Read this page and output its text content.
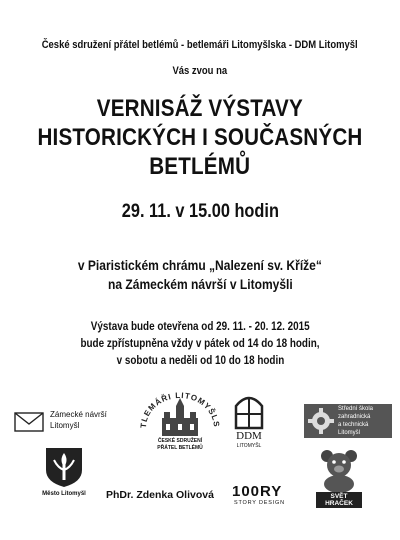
České sdružení přátel betlémů - betlemáři Litomyšlska - DDM Litomyšl
Vás zvou na
VERNISÁŽ VÝSTAVY
HISTORICKÝCH I SOUČASNÝCH
BETLÉMŮ
29. 11. v 15.00 hodin
v Piaristickém chrámu „Nalezení sv. Kříže“
na Zámeckém návrší v Litomyšli
Výstava bude otevřena od 29. 11. - 20. 12. 2015
bude zpřístupněna vždy v pátek od 14 do 18 hodin,
v sobotu a neděli od 10 do 18 hodin
Zámecké návrší
Litomyšl
LEMÁŘI LITOMYŠL
ČESKÉ SDRUŽENÍ
PŘÁTEL BETLÉMŮ
DDM
LITOMYŠL
Střední škola
zahradnická
a technická
Litomyšl
Město Litomyšl	PhDr. Zdenka Olivová 100RY
STORY DESIGN
SVĚT HRAČEK
